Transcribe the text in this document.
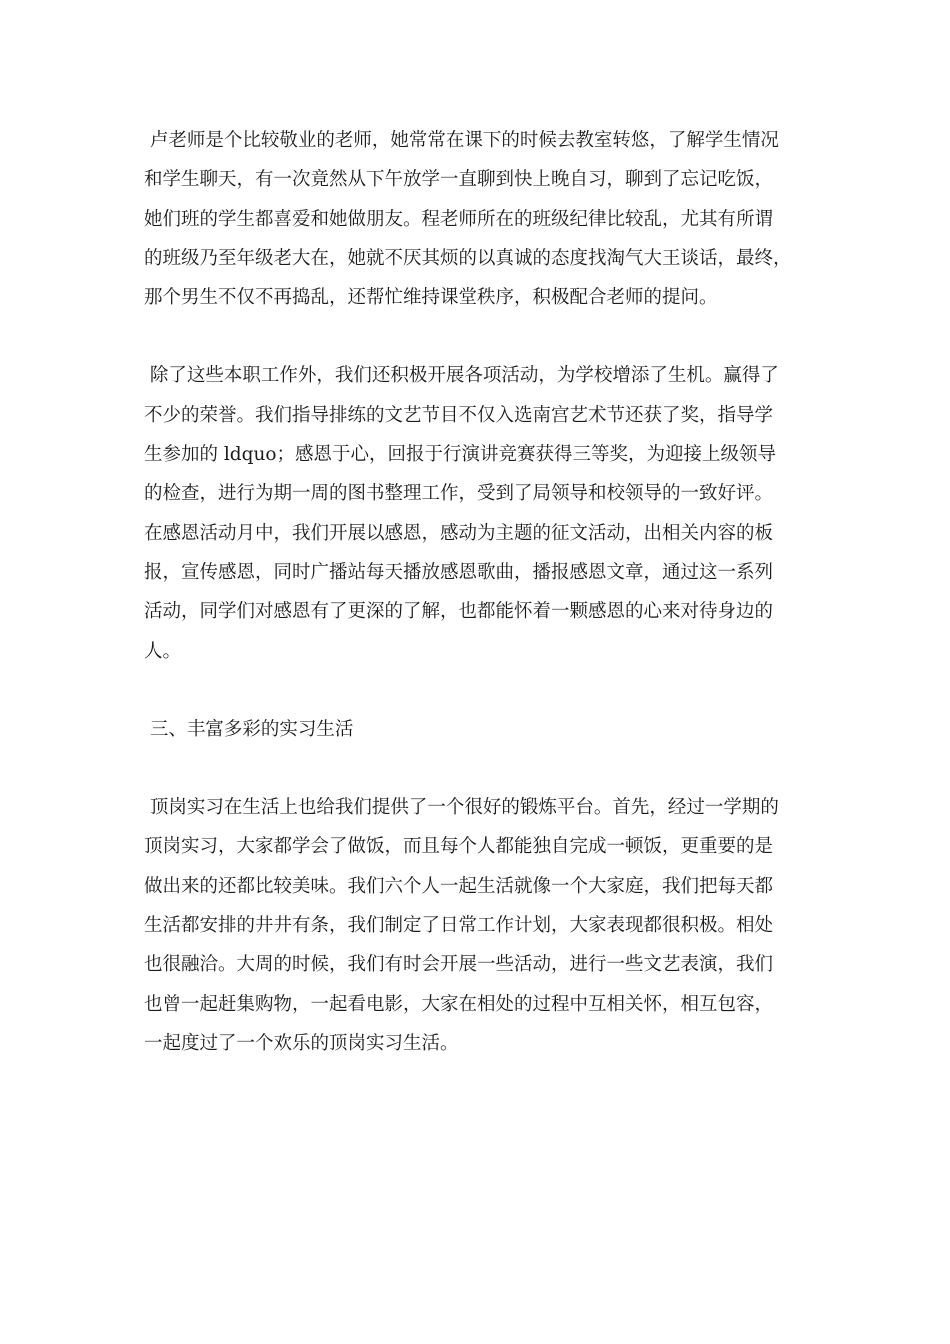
卢老师是个比较敬业的老师，她常常在课下的时候去教室转悠，了解学生情况
和学生聊天，有一次竟然从下午放学一直聊到快上晚自习，聊到了忘记吃饭，
她们班的学生都喜爱和她做朋友。程老师所在的班级纪律比较乱，尤其有所谓
的班级乃至年级老大在，她就不厌其烦的以真诚的态度找淘气大王谈话，最终，
那个男生不仅不再捣乱，还帮忙维持课堂秩序，积极配合老师的提问。

除了这些本职工作外，我们还积极开展各项活动，为学校增添了生机。赢得了
不少的荣誉。我们指导排练的文艺节目不仅入选南宫艺术节还获了奖，指导学
生参加的 ldquo；感恩于心，回报于行演讲竞赛获得三等奖，为迎接上级领导
的检查，进行为期一周的图书整理工作，受到了局领导和校领导的一致好评。
在感恩活动月中，我们开展以感恩，感动为主题的征文活动，出相关内容的板
报，宣传感恩，同时广播站每天播放感恩歌曲，播报感恩文章，通过这一系列
活动，同学们对感恩有了更深的了解，也都能怀着一颗感恩的心来对待身边的
人。

三、丰富多彩的实习生活

顶岗实习在生活上也给我们提供了一个很好的锻炼平台。首先，经过一学期的
顶岗实习，大家都学会了做饭，而且每个人都能独自完成一顿饭，更重要的是
做出来的还都比较美味。我们六个人一起生活就像一个大家庭，我们把每天都
生活都安排的井井有条，我们制定了日常工作计划，大家表现都很积极。相处
也很融洽。大周的时候，我们有时会开展一些活动，进行一些文艺表演，我们
也曾一起赶集购物，一起看电影，大家在相处的过程中互相关怀，相互包容，
一起度过了一个欢乐的顶岗实习生活。
